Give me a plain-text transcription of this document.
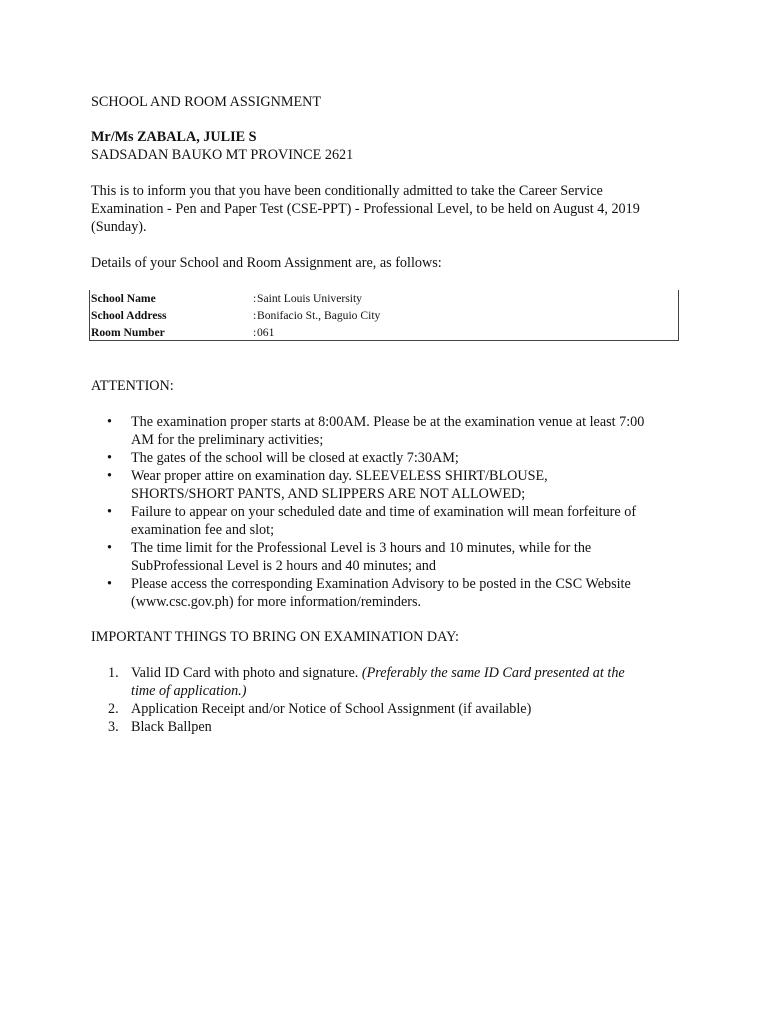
SCHOOL AND ROOM ASSIGNMENT
Mr/Ms ZABALA, JULIE S
SADSADAN BAUKO MT PROVINCE 2621
This is to inform you that you have been conditionally admitted to take the Career Service
Examination - Pen and Paper Test (CSE-PPT) - Professional Level, to be held on August 4, 2019
(Sunday).
Details of your School and Room Assignment are, as follows:
School Name	: Saint Louis University
School Address	: Bonifacio St., Baguio City
Room Number	: 061
ATTENTION:
• The examination proper starts at 8:00AM. Please be at the examination venue at least 7:00
AM for the preliminary activities;
• The gates of the school will be closed at exactly 7:30AM;
• Wear proper attire on examination day. SLEEVELESS SHIRT/BLOUSE,
SHORTS/SHORT PANTS, AND SLIPPERS ARE NOT ALLOWED;
• Failure to appear on your scheduled date and time of examination will mean forfeiture of
examination fee and slot;
• The time limit for the Professional Level is 3 hours and 10 minutes, while for the
SubProfessional Level is 2 hours and 40 minutes; and
• Please access the corresponding Examination Advisory to be posted in the CSC Website
(www.csc.gov.ph) for more information/reminders.
IMPORTANT THINGS TO BRING ON EXAMINATION DAY:
1. Valid ID Card with photo and signature. (Preferably the same ID Card presented at the
time of application.)
2. Application Receipt and/or Notice of School Assignment (if available)
3. Black Ballpen
